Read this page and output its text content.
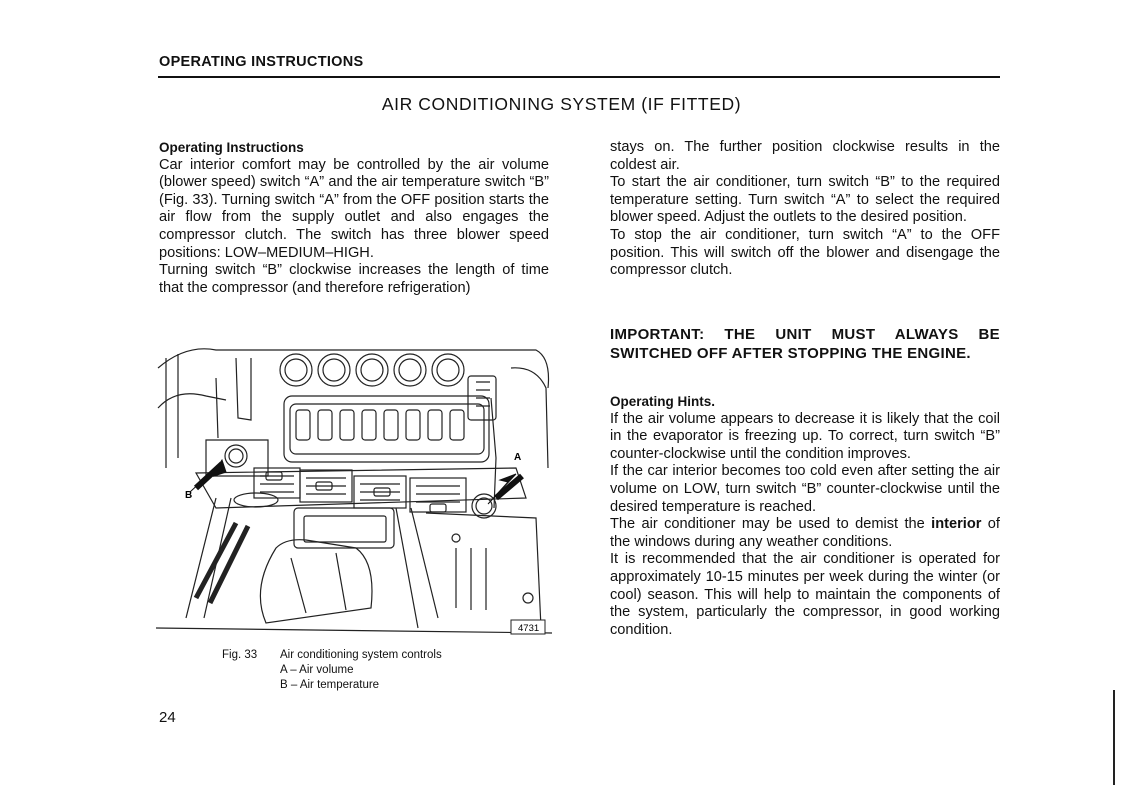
OPERATING INSTRUCTIONS
AIR CONDITIONING SYSTEM (IF FITTED)

Operating Instructions

Car interior comfort may be controlled by the air volume (blower speed) switch “A” and the air temperature switch “B” (Fig. 33). Turning switch “A” from the OFF position starts the air flow from the supply outlet and also engages the compressor clutch. The switch has three blower speed positions: LOW–MEDIUM–HIGH.

Turning switch “B” clockwise increases the length of time that the compressor (and therefore refrigeration)

stays on. The further position clockwise results in the coldest air.

To start the air conditioner, turn switch “B” to the required temperature setting. Turn switch “A” to select the required blower speed. Adjust the outlets to the desired position.

To stop the air conditioner, turn switch “A” to the OFF position. This will switch off the blower and disengage the compressor clutch.

IMPORTANT: THE UNIT MUST ALWAYS BE SWITCHED OFF AFTER STOPPING THE ENGINE.

Operating Hints.

If the air volume appears to decrease it is likely that the coil in the evaporator is freezing up. To correct, turn switch “B” counter-clockwise until the condition improves.

If the car interior becomes too cold even after setting the air volume on LOW, turn switch “B” counter-clockwise until the desired temperature is reached.

The air conditioner may be used to demist the interior of the windows during any weather conditions.

It is recommended that the air conditioner is operated for approximately 10-15 minutes per week during the winter (or cool) season. This will help to maintain the components of the system, particularly the compressor, in good working condition.

B
A
4731
Fig. 33	Air conditioning system controls
A – Air volume
B – Air temperature
24
